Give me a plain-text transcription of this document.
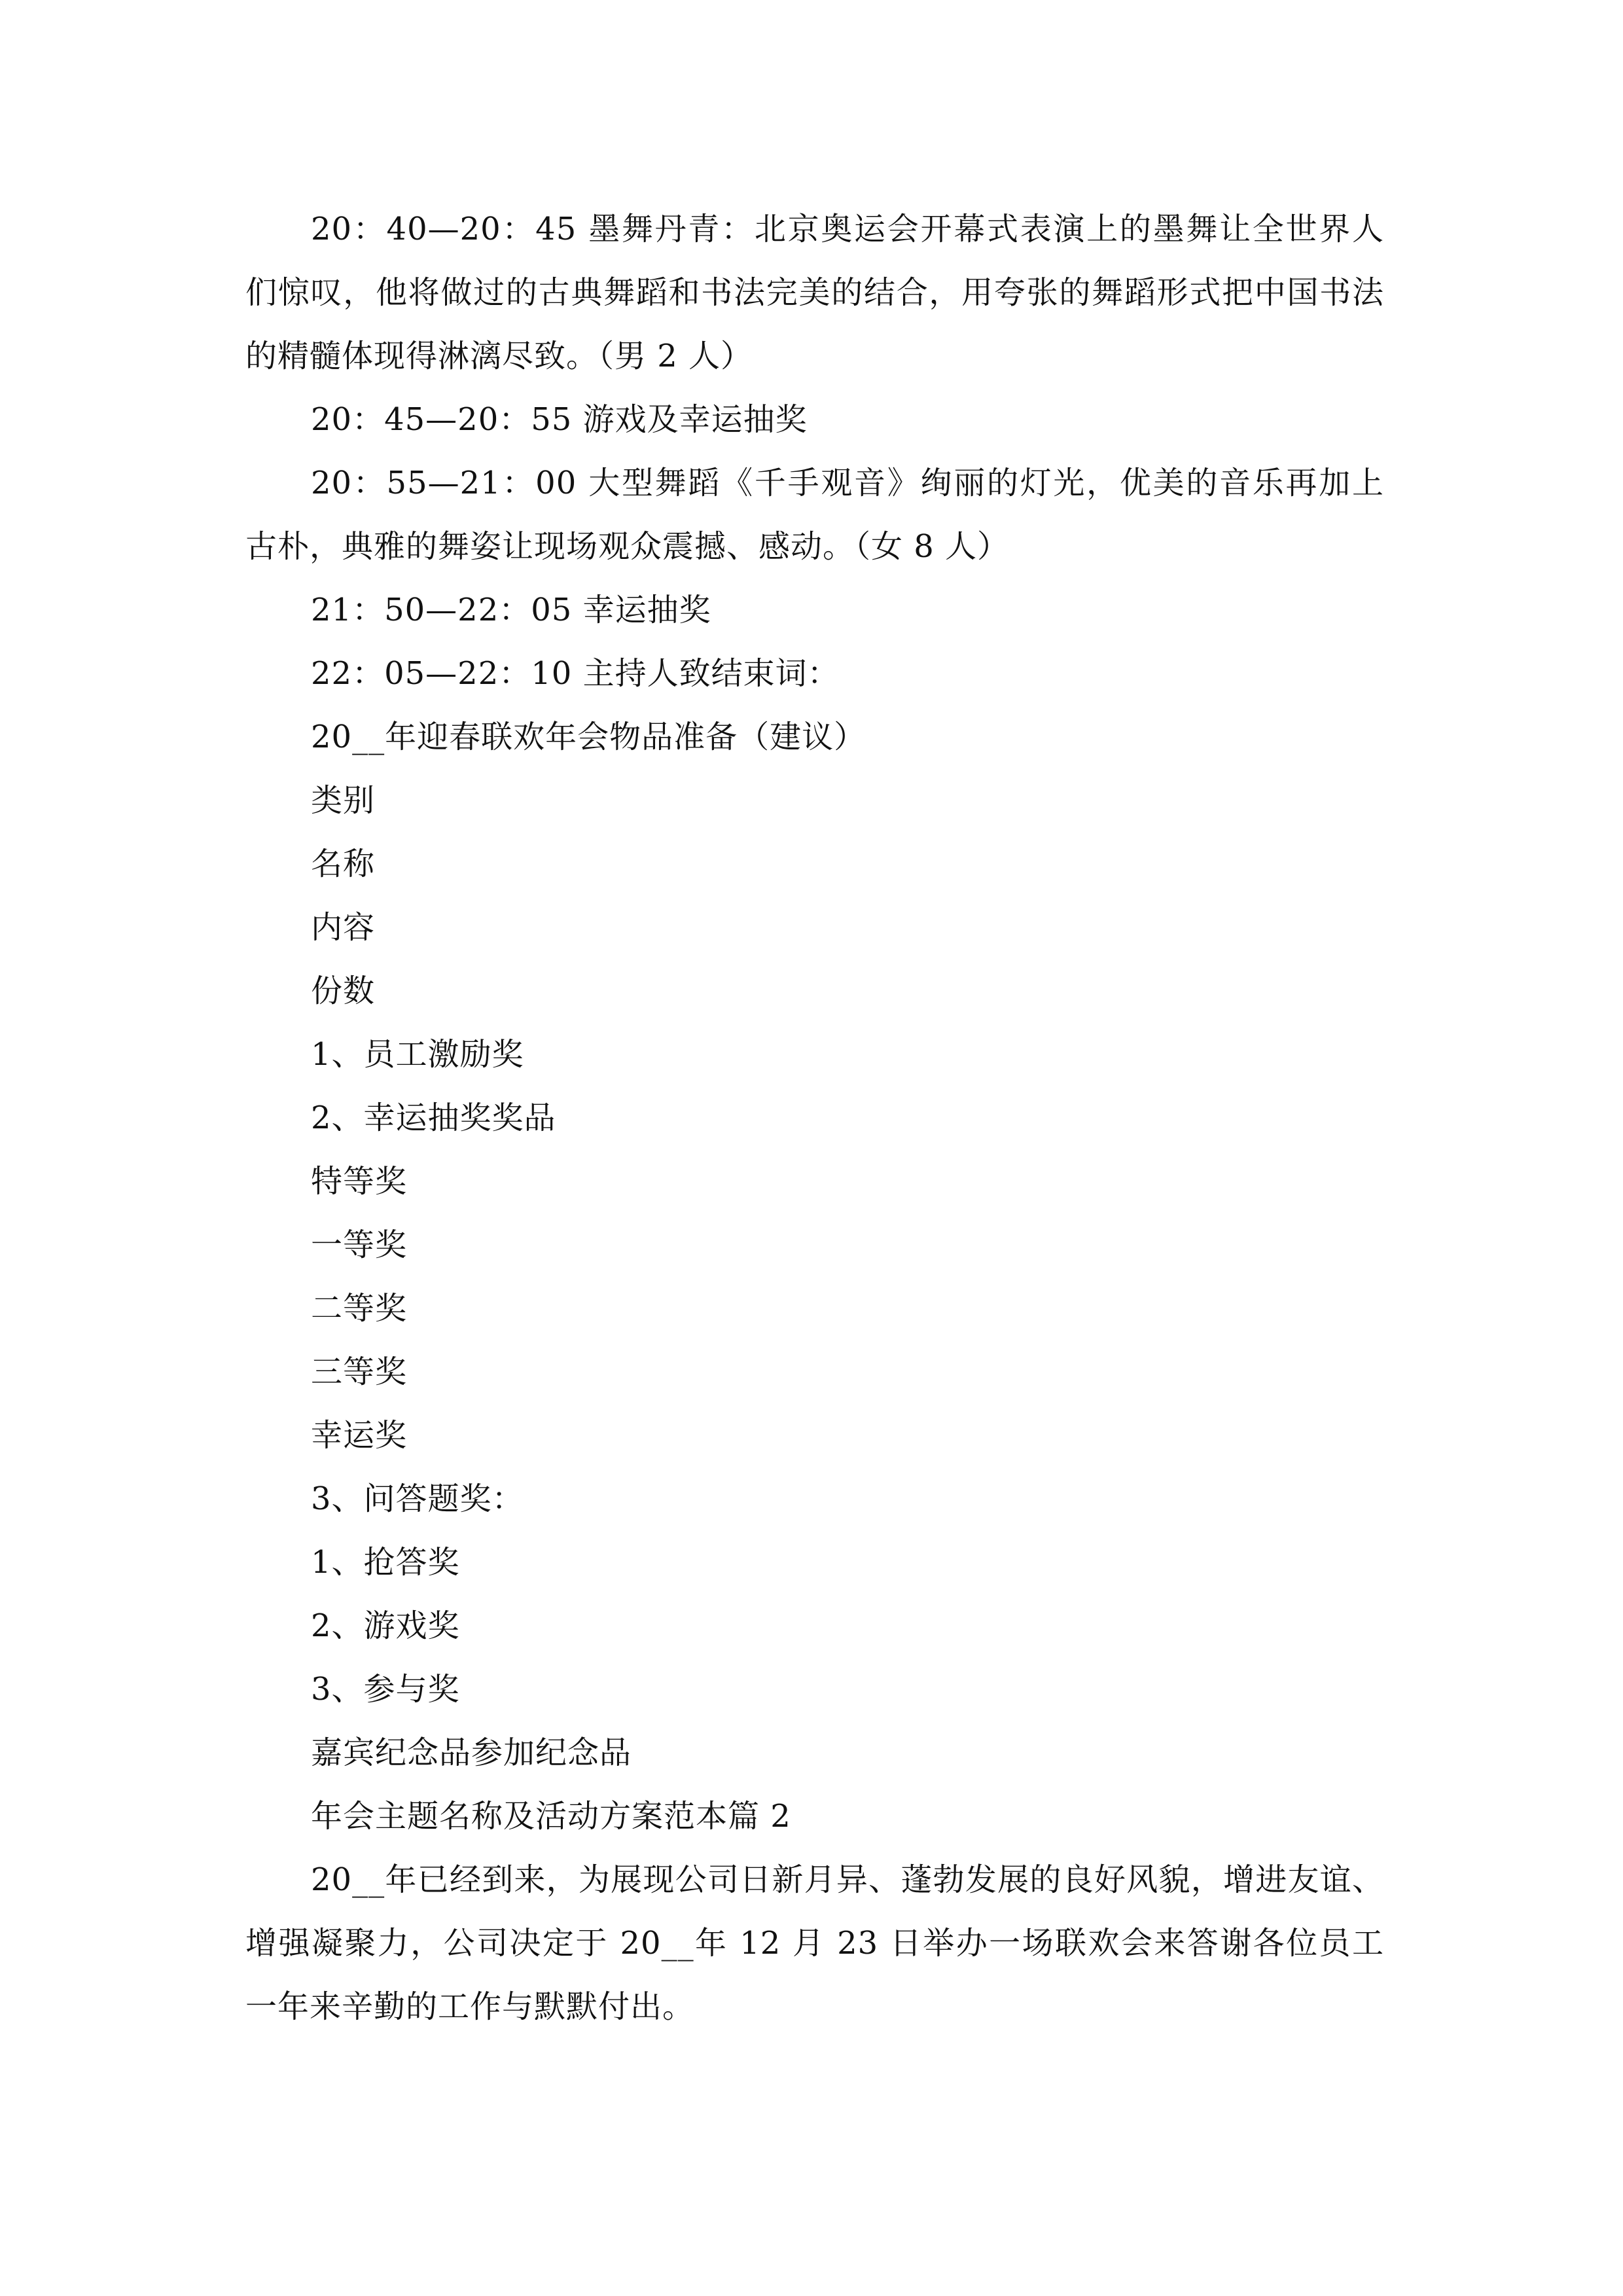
20：40—20：45 墨舞丹青：北京奥运会开幕式表演上的墨舞让全世界人们惊叹，他将做过的古典舞蹈和书法完美的结合，用夸张的舞蹈形式把中国书法的精髓体现得淋漓尽致。（男 2 人）

20：45—20：55 游戏及幸运抽奖

20：55—21：00 大型舞蹈《千手观音》绚丽的灯光，优美的音乐再加上古朴，典雅的舞姿让现场观众震撼、感动。（女 8 人）

21：50—22：05 幸运抽奖

22：05—22：10 主持人致结束词：

20__年迎春联欢年会物品准备（建议）

类别

名称

内容

份数

1、员工激励奖

2、幸运抽奖奖品

特等奖

一等奖

二等奖

三等奖

幸运奖

3、问答题奖：

1、抢答奖

2、游戏奖

3、参与奖

嘉宾纪念品参加纪念品

年会主题名称及活动方案范本篇 2

20__年已经到来，为展现公司日新月异、蓬勃发展的良好风貌，增进友谊、增强凝聚力，公司决定于 20__年 12 月 23 日举办一场联欢会来答谢各位员工一年来辛勤的工作与默默付出。
